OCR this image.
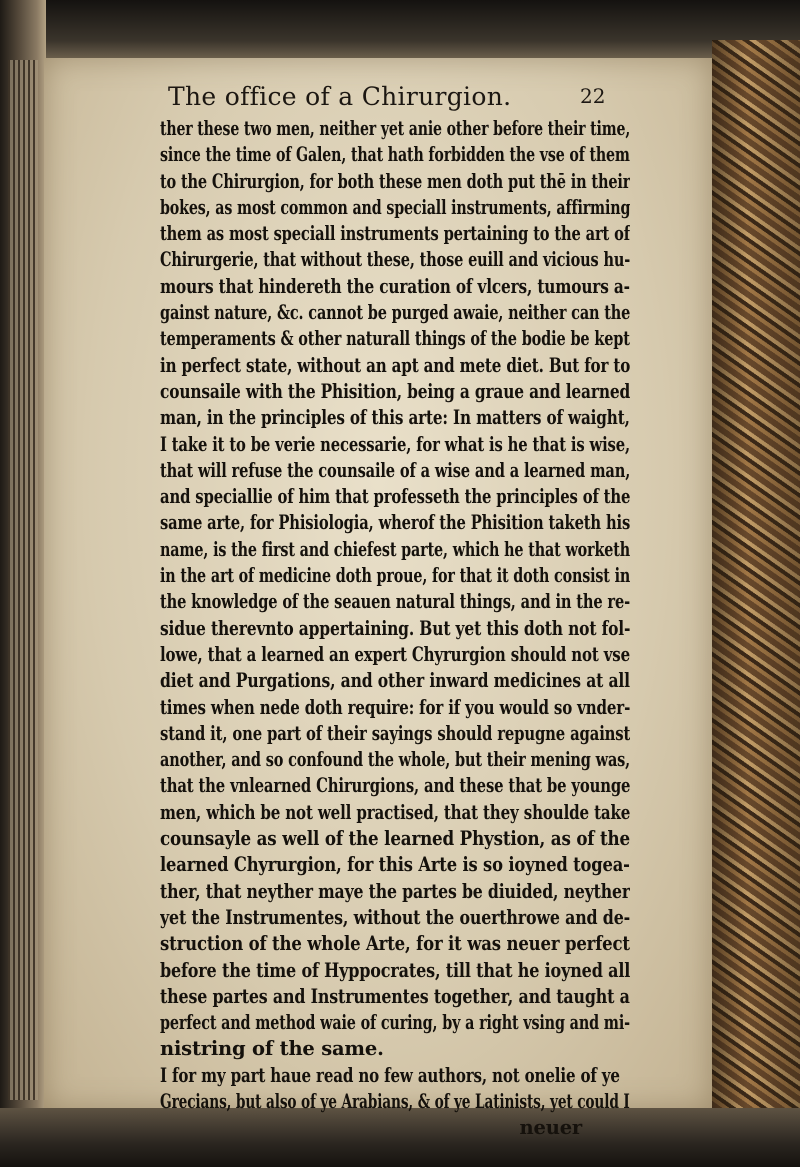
The office of a Chirurgion.	22
ther these two men, neither yet anie other before their time,
since the time of Galen, that hath forbidden the vse of them
to the Chirurgion, for both these men doth put thē in their
bokes, as most common and speciall instruments, affirming
them as most speciall instruments pertaining to the art of
Chirurgerie, that without these, those euill and vicious hu-
mours that hindereth the curation of vlcers, tumours a-
gainst nature, &c. cannot be purged awaie, neither can the
temperaments & other naturall things of the bodie be kept
in perfect state, without an apt and mete diet. But for to
counsaile with the Phisition, being a graue and learned
man, in the principles of this arte: In matters of waight,
I take it to be verie necessarie, for what is he that is wise,
that will refuse the counsaile of a wise and a learned man,
and speciallie of him that professeth the principles of the
same arte, for Phisiologia, wherof the Phisition taketh his
name, is the first and chiefest parte, which he that worketh
in the art of medicine doth proue, for that it doth consist in
the knowledge of the seauen natural things, and in the re-
sidue therevnto appertaining. But yet this doth not fol-
lowe, that a learned an expert Chyrurgion should not vse
diet and Purgations, and other inward medicines at all
times when nede doth require: for if you would so vnder-
stand it, one part of their sayings should repugne against
another, and so confound the whole, but their mening was,
that the vnlearned Chirurgions, and these that be younge
men, which be not well practised, that they shoulde take
counsayle as well of the learned Phystion, as of the
learned Chyrurgion, for this Arte is so ioyned togea-
ther, that neyther maye the partes be diuided, neyther
yet the Instrumentes, without the ouerthrowe and de-
struction of the whole Arte, for it was neuer perfect
before the time of Hyppocrates, till that he ioyned all
these partes and Instrumentes together, and taught a
perfect and method waie of curing, by a right vsing and mi-
nistring of the same.
I for my part haue read no few authors, not onelie of ye
Grecians, but also of ye Arabians, & of ye Latinists, yet could I
neuer
